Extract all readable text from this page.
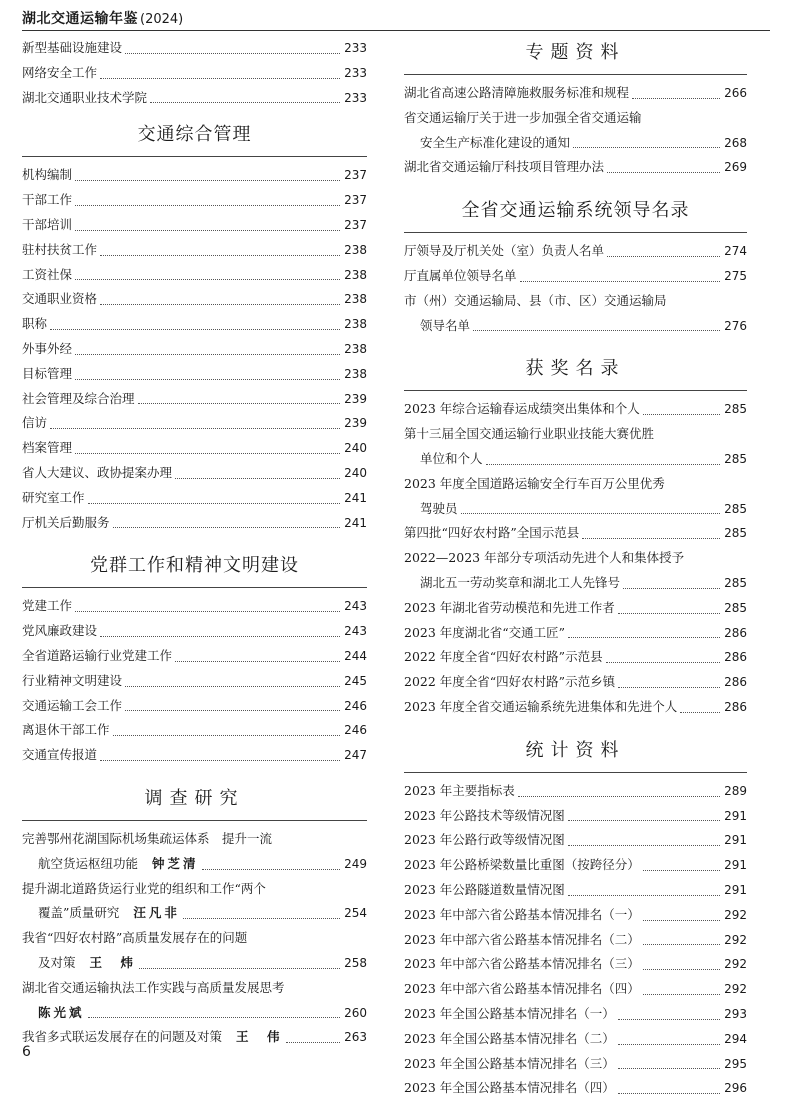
湖北交通运输年鉴 (2024)
新型基础设施建设	233
网络安全工作	233
湖北交通职业技术学院	233
交通综合管理
机构编制	237
干部工作	237
干部培训	237
驻村扶贫工作	238
工资社保	238
交通职业资格	238
职称	238
外事外经	238
目标管理	238
社会管理及综合治理	239
信访	239
档案管理	240
省人大建议、政协提案办理	240
研究室工作	241
厅机关后勤服务	241
党群工作和精神文明建设
党建工作	243
党风廉政建设	243
全省道路运输行业党建工作	244
行业精神文明建设	245
交通运输工会工作	246
离退休干部工作	246
交通宣传报道	247
调查研究
完善鄂州花湖国际机场集疏运体系　提升一流
航空货运枢纽功能 钟芝清	249
提升湖北道路货运行业党的组织和工作“两个
覆盖”质量研究 汪凡非	254
我省“四好农村路”高质量发展存在的问题
及对策 王　炜	258
湖北省交通运输执法工作实践与高质量发展思考
陈光斌	260
我省多式联运发展存在的问题及对策 王　伟	263
专题资料
湖北省高速公路清障施救服务标准和规程	266
省交通运输厅关于进一步加强全省交通运输
安全生产标准化建设的通知	268
湖北省交通运输厅科技项目管理办法	269
全省交通运输系统领导名录
厅领导及厅机关处（室）负责人名单	274
厅直属单位领导名单	275
市（州）交通运输局、县（市、区）交通运输局
领导名单	276
获奖名录
2023 年综合运输春运成绩突出集体和个人	285
第十三届全国交通运输行业职业技能大赛优胜
单位和个人	285
2023 年度全国道路运输安全行车百万公里优秀
驾驶员	285
第四批“四好农村路”全国示范县	285
2022—2023 年部分专项活动先进个人和集体授予
湖北五一劳动奖章和湖北工人先锋号	285
2023 年湖北省劳动模范和先进工作者	285
2023 年度湖北省“交通工匠”	286
2022 年度全省“四好农村路”示范县	286
2022 年度全省“四好农村路”示范乡镇	286
2023 年度全省交通运输系统先进集体和先进个人	286
统计资料
2023 年主要指标表	289
2023 年公路技术等级情况图	291
2023 年公路行政等级情况图	291
2023 年公路桥梁数量比重图（按跨径分）	291
2023 年公路隧道数量情况图	291
2023 年中部六省公路基本情况排名（一）	292
2023 年中部六省公路基本情况排名（二）	292
2023 年中部六省公路基本情况排名（三）	292
2023 年中部六省公路基本情况排名（四）	292
2023 年全国公路基本情况排名（一）	293
2023 年全国公路基本情况排名（二）	294
2023 年全国公路基本情况排名（三）	295
2023 年全国公路基本情况排名（四）	296
6
